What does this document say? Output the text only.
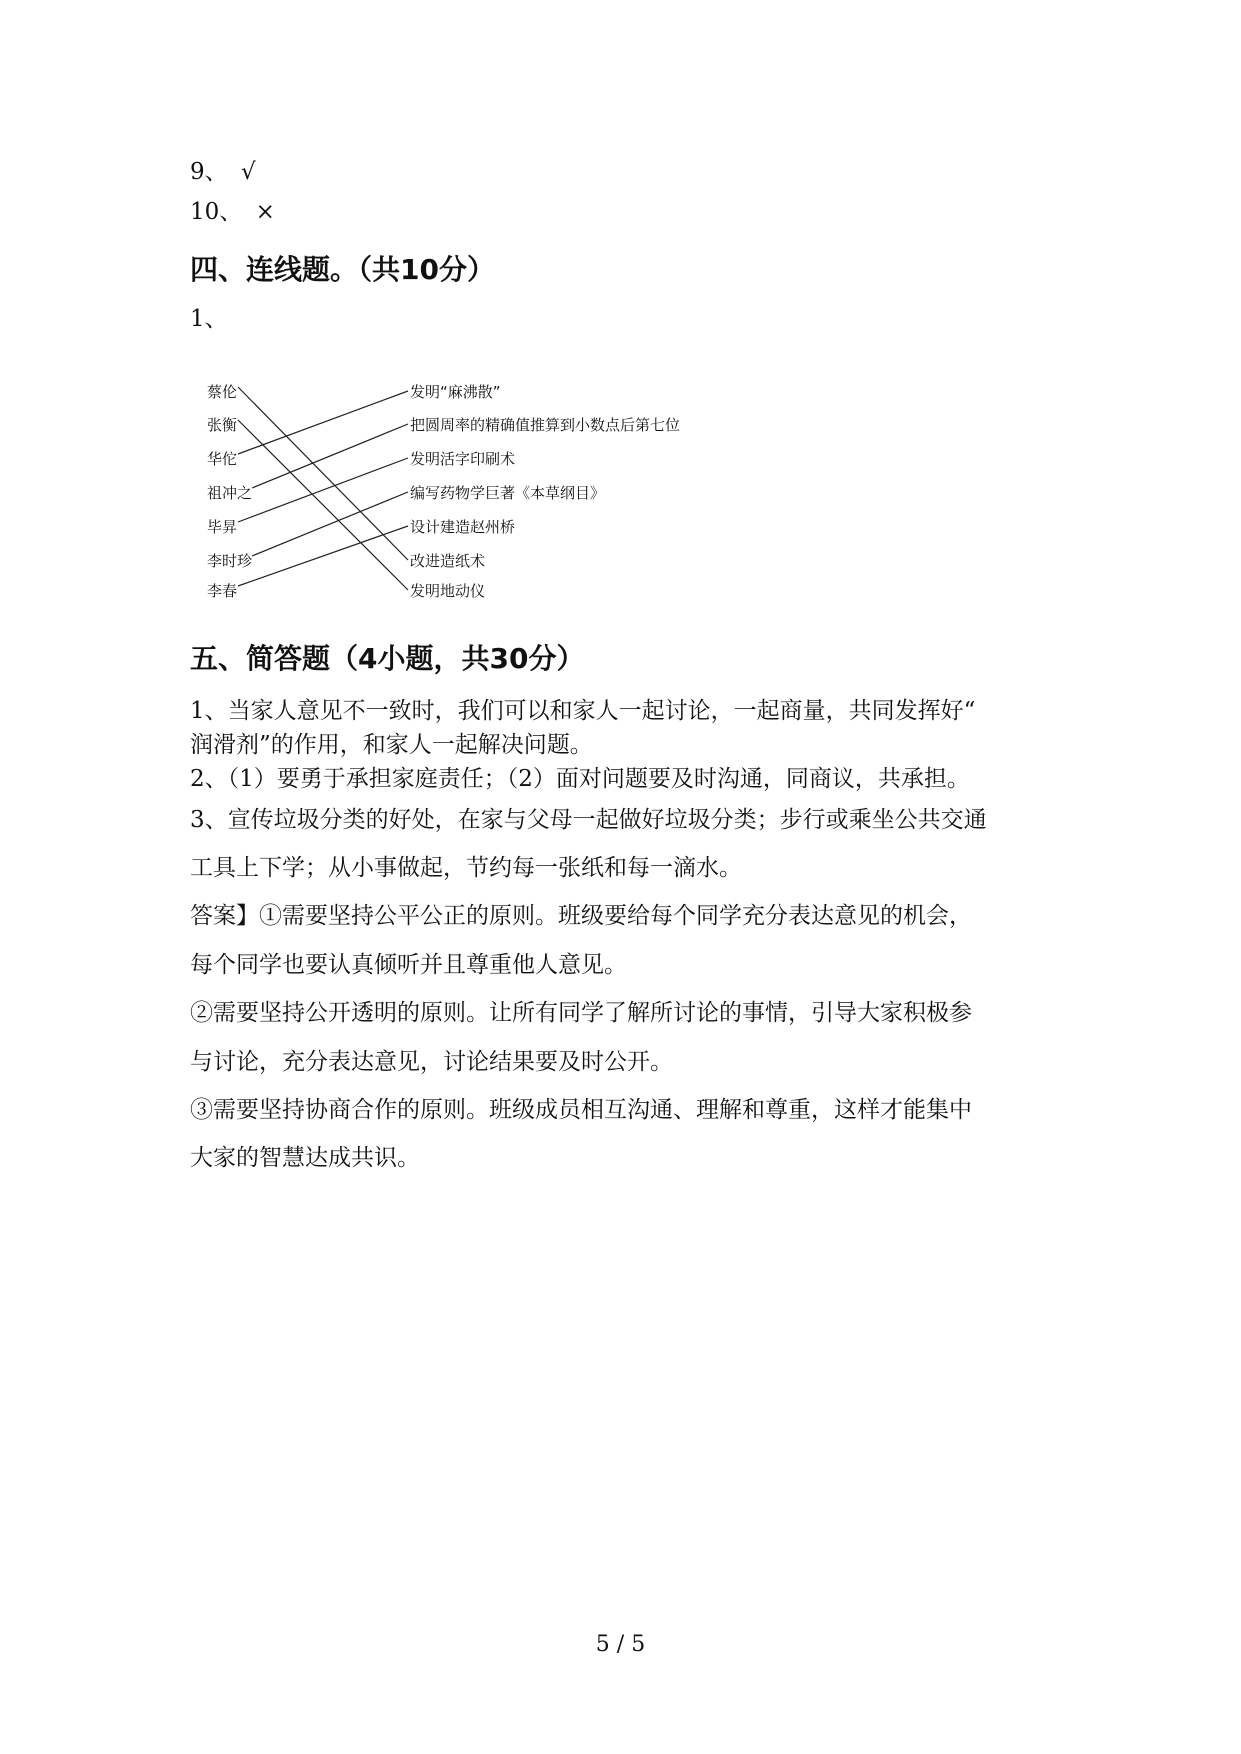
9、 √
10、 ×
四、连线题。（共10分）
1、
蔡伦
张衡
华佗
祖冲之
毕昇
李时珍
李春
发明“麻沸散”
把圆周率的精确值推算到小数点后第七位
发明活字印刷术
编写药物学巨著《本草纲目》
设计建造赵州桥
改进造纸术
发明地动仪
五、简答题（4小题，共30分）
1、当家人意见不一致时，我们可以和家人一起讨论，一起商量，共同发挥好“
润滑剂”的作用，和家人一起解决问题。
2、（1）要勇于承担家庭责任；（2）面对问题要及时沟通，同商议，共承担。
3、宣传垃圾分类的好处，在家与父母一起做好垃圾分类；步行或乘坐公共交通
工具上下学；从小事做起，节约每一张纸和每一滴水。
答案】①需要坚持公平公正的原则。班级要给每个同学充分表达意见的机会，
每个同学也要认真倾听并且尊重他人意见。
②需要坚持公开透明的原则。让所有同学了解所讨论的事情，引导大家积极参
与讨论，充分表达意见，讨论结果要及时公开。
③需要坚持协商合作的原则。班级成员相互沟通、理解和尊重，这样才能集中
大家的智慧达成共识。
5 / 5
